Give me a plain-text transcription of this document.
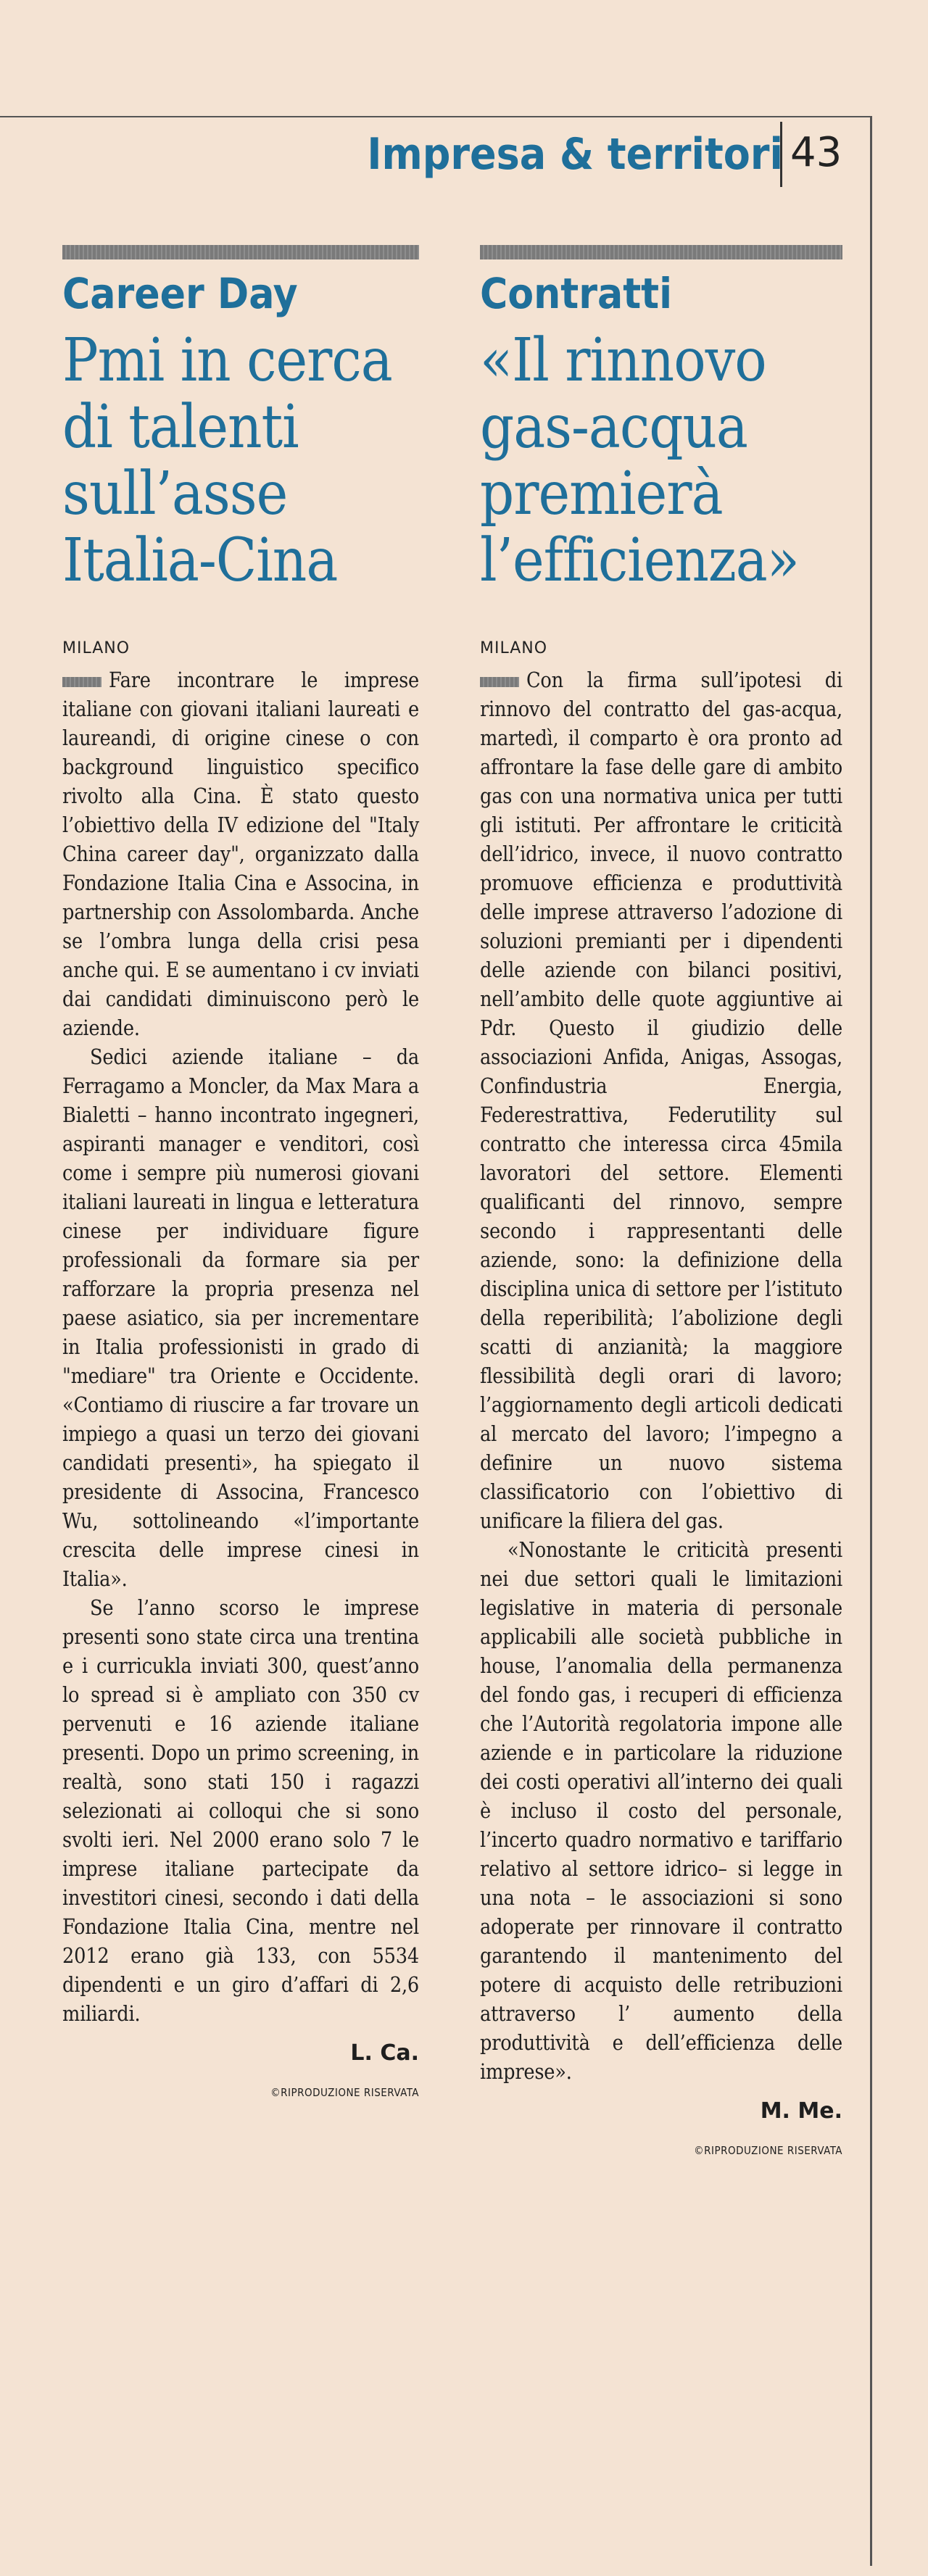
Impresa & territori 43
Career Day
Pmi in cerca di talenti sull’asse Italia-Cina
MILANO

Fare incontrare le imprese italiane con giovani italiani laureati e laureandi, di origine cinese o con background linguistico specifico rivolto alla Cina. È stato questo l’obiettivo della IV edizione del "Italy China career day", organizzato dalla Fondazione Italia Cina e Associna, in partnership con Assolombarda. Anche se l’ombra lunga della crisi pesa anche qui. E se aumentano i cv inviati dai candidati diminuiscono però le aziende.

Sedici aziende italiane – da Ferragamo a Moncler, da Max Mara a Bialetti – hanno incontrato ingegneri, aspiranti manager e venditori, così come i sempre più numerosi giovani italiani laureati in lingua e letteratura cinese per individuare figure professionali da formare sia per rafforzare la propria presenza nel paese asiatico, sia per incrementare in Italia professionisti in grado di "mediare" tra Oriente e Occidente. «Contiamo di riuscire a far trovare un impiego a quasi un terzo dei giovani candidati presenti», ha spiegato il presidente di Associna, Francesco Wu, sottolineando «l’importante crescita delle imprese cinesi in Italia».

Se l’anno scorso le imprese presenti sono state circa una trentina e i curricukla inviati 300, quest’anno lo spread si è ampliato con 350 cv pervenuti e 16 aziende italiane presenti. Dopo un primo screening, in realtà, sono stati 150 i ragazzi selezionati ai colloqui che si sono svolti ieri. Nel 2000 erano solo 7 le imprese italiane partecipate da investitori cinesi, secondo i dati della Fondazione Italia Cina, mentre nel 2012 erano già 133, con 5534 dipendenti e un giro d’affari di 2,6 miliardi.

L. Ca.
©RIPRODUZIONE RISERVATA
Contratti
«Il rinnovo gas-acqua premierà l’efficienza»
MILANO

Con la firma sull’ipotesi di rinnovo del contratto del gas-acqua, martedì, il comparto è ora pronto ad affrontare la fase delle gare di ambito gas con una normativa unica per tutti gli istituti. Per affrontare le criticità dell’idrico, invece, il nuovo contratto promuove efficienza e produttività delle imprese attraverso l’adozione di soluzioni premianti per i dipendenti delle aziende con bilanci positivi, nell’ambito delle quote aggiuntive ai Pdr. Questo il giudizio delle associazioni Anfida, Anigas, Assogas, Confindustria Energia, Federestrattiva, Federutility sul contratto che interessa circa 45mila lavoratori del settore. Elementi qualificanti del rinnovo, sempre secondo i rappresentanti delle aziende, sono: la definizione della disciplina unica di settore per l’istituto della reperibilità; l’abolizione degli scatti di anzianità; la maggiore flessibilità degli orari di lavoro; l’aggiornamento degli articoli dedicati al mercato del lavoro; l’impegno a definire un nuovo sistema classificatorio con l’obiettivo di unificare la filiera del gas.

«Nonostante le criticità presenti nei due settori quali le limitazioni legislative in materia di personale applicabili alle società pubbliche in house, l’anomalia della permanenza del fondo gas, i recuperi di efficienza che l’Autorità regolatoria impone alle aziende e in particolare la riduzione dei costi operativi all’interno dei quali è incluso il costo del personale, l’incerto quadro normativo e tariffario relativo al settore idrico– si legge in una nota – le associazioni si sono adoperate per rinnovare il contratto garantendo il mantenimento del potere di acquisto delle retribuzioni attraverso l’ aumento della produttività e dell’efficienza delle imprese».

M. Me.
©RIPRODUZIONE RISERVATA
